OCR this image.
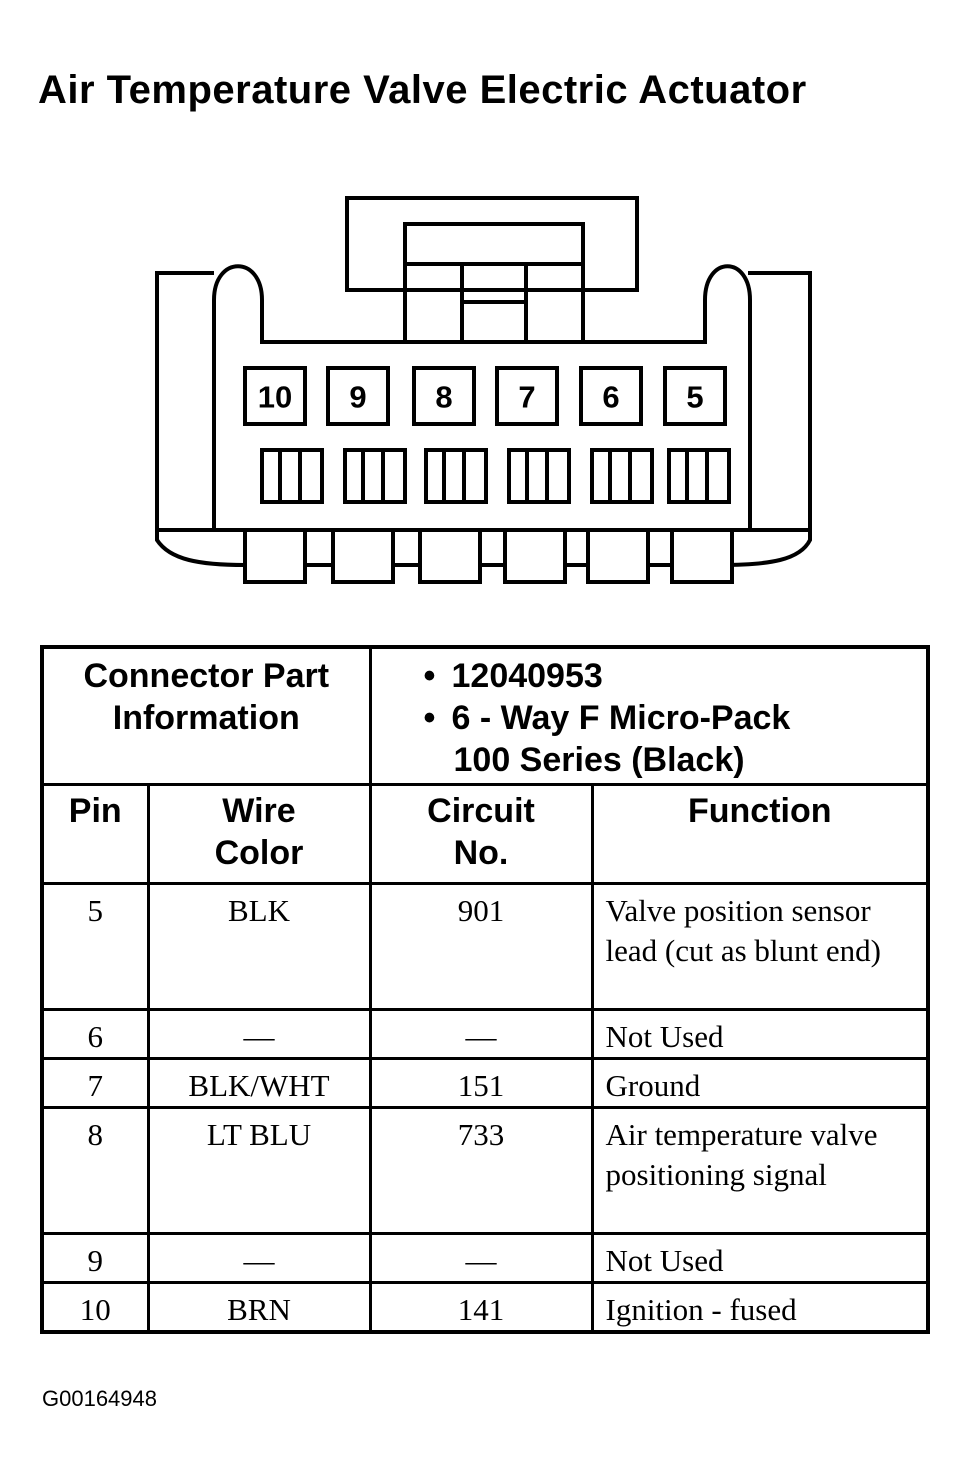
Air Temperature Valve Electric Actuator
10 9 8 7 6 5
Connector Part Information		• 12040953
• 6 - Way F Micro-Pack
100 Series (Black)	

Pin	Wire Color	Circuit No.	Function
5	BLK	901	Valve position sensor lead (cut as blunt end)
6	—	—	Not Used
7	BLK/WHT	151	Ground
8	LT BLU	733	Air temperature valve positioning signal
9	—	—	Not Used
10	BRN	141	Ignition - fused
G00164948
